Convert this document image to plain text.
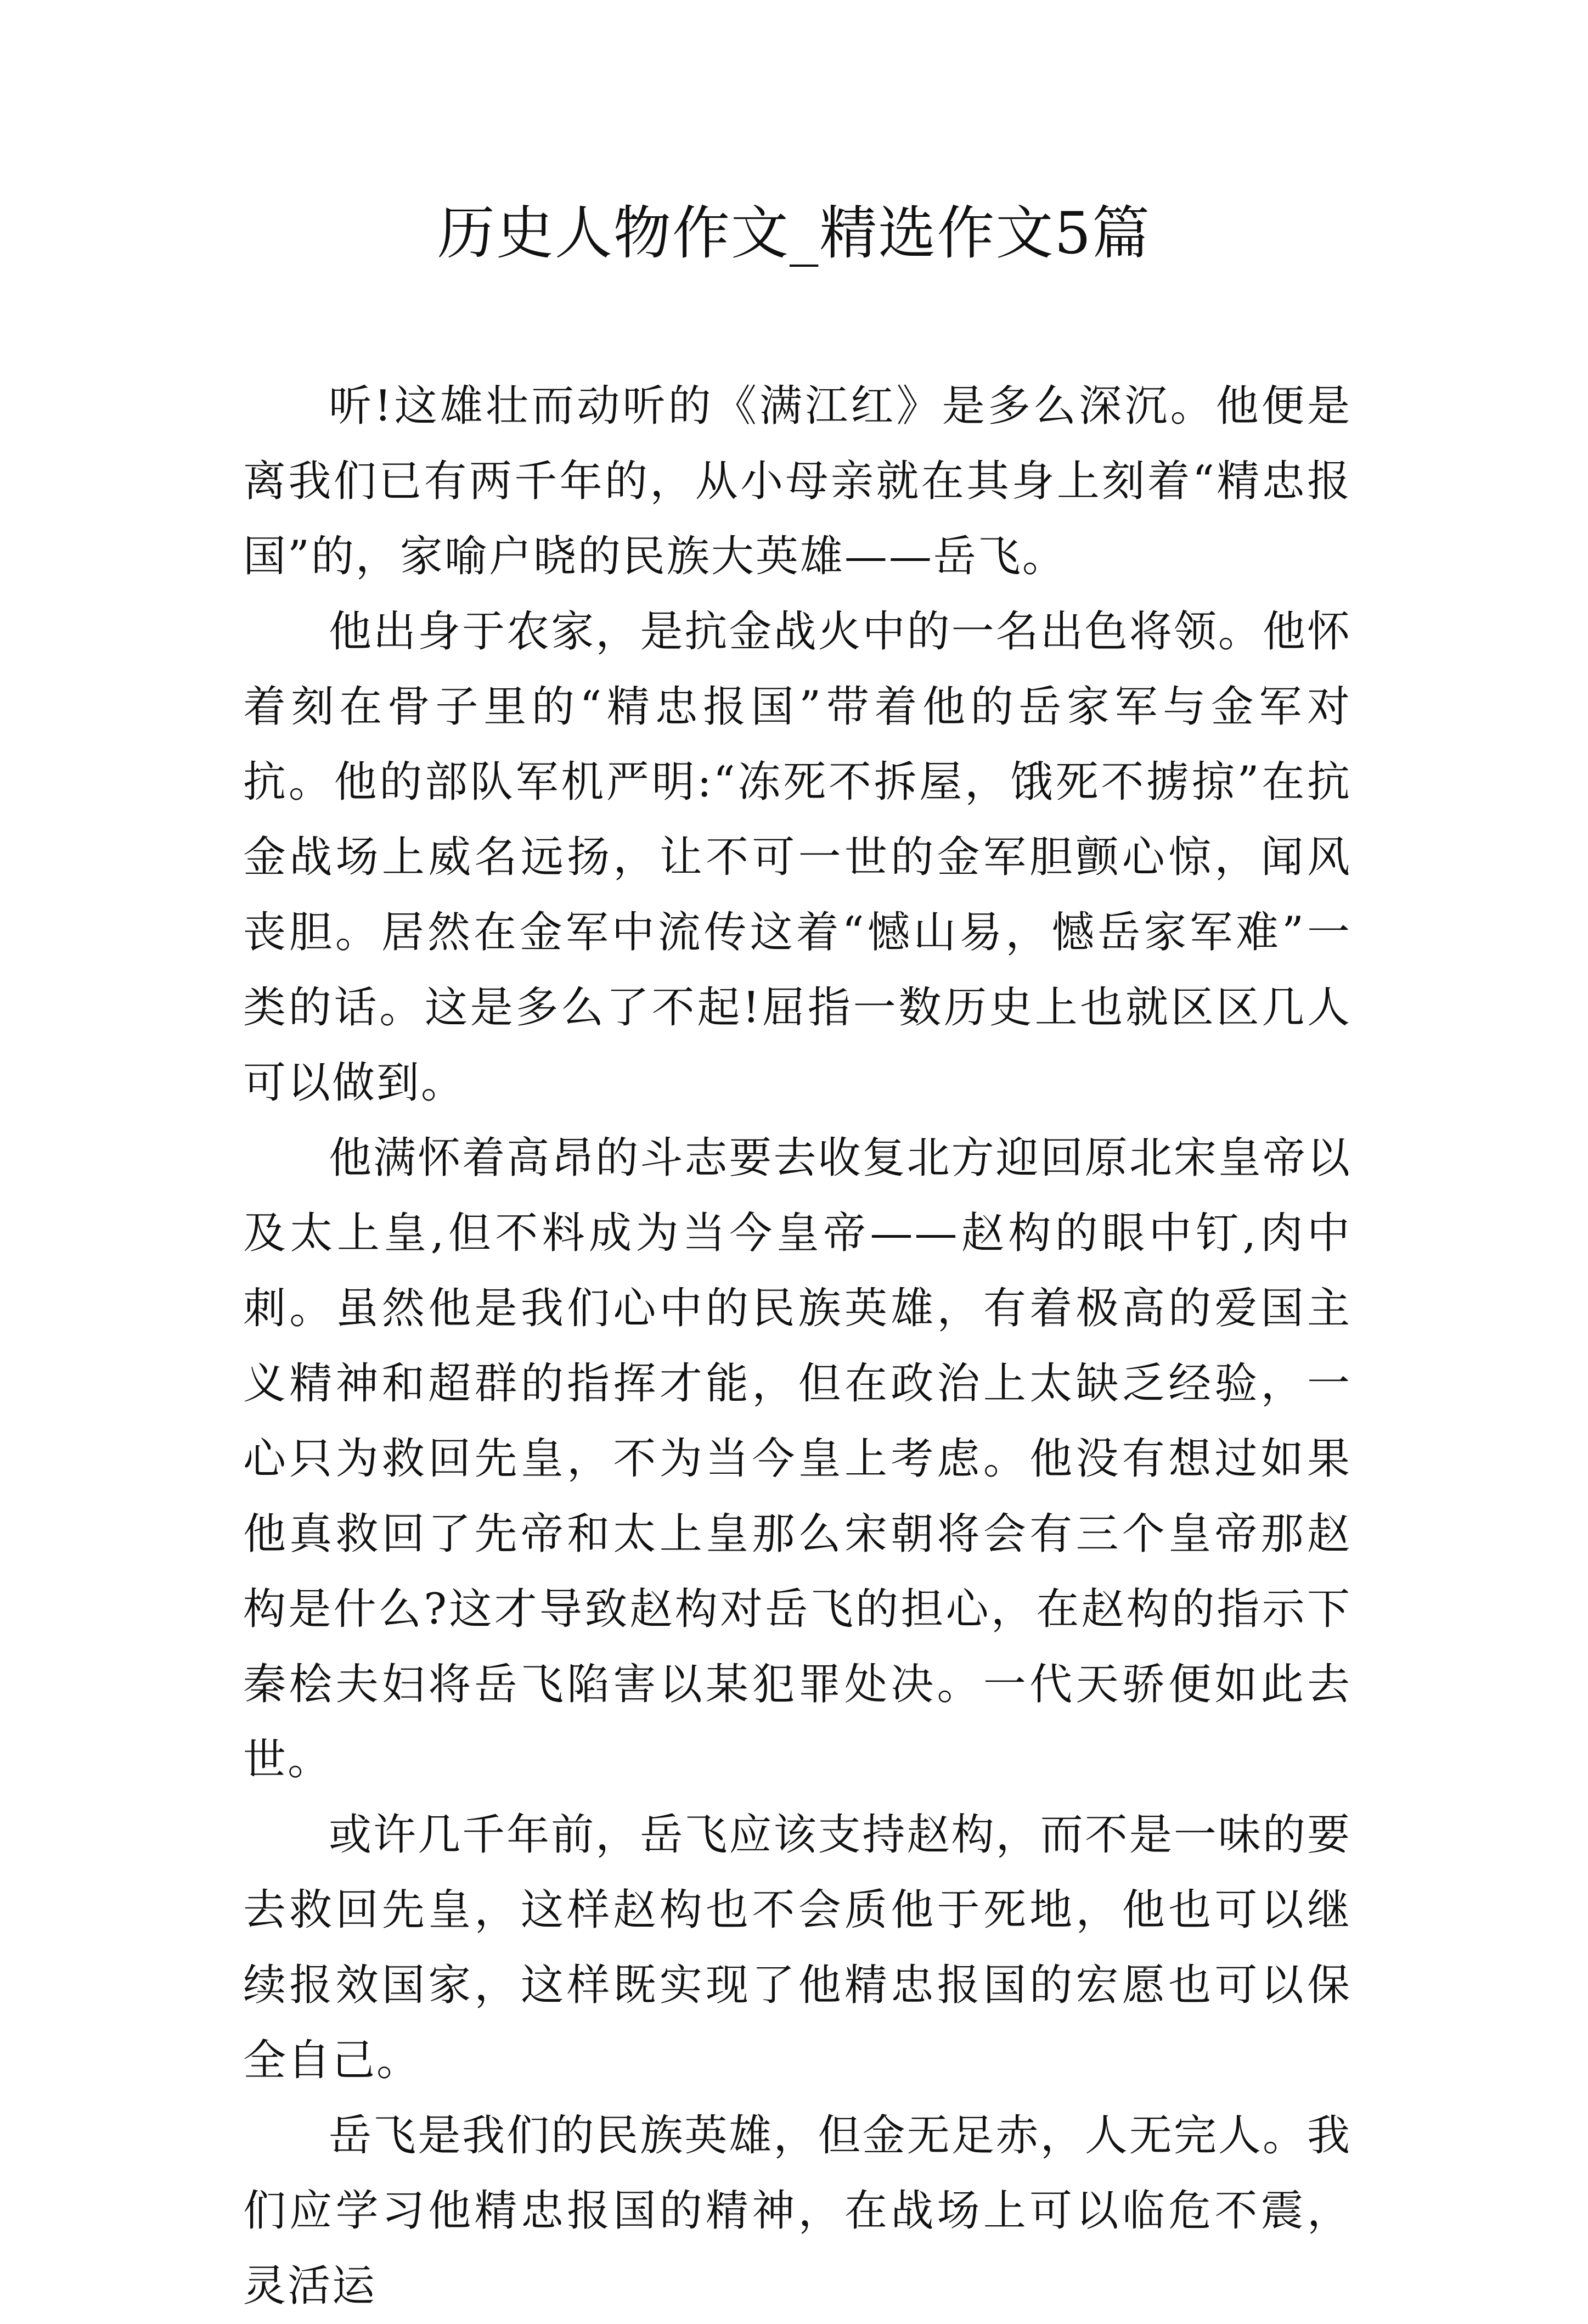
历史人物作文_精选作文5篇

听!这雄壮而动听的《满江红》是多么深沉。他便是离我们已有两千年的，从小母亲就在其身上刻着“精忠报国”的，家喻户晓的民族大英雄——岳飞。

他出身于农家，是抗金战火中的一名出色将领。他怀着刻在骨子里的“精忠报国”带着他的岳家军与金军对抗。他的部队军机严明:“冻死不拆屋，饿死不掳掠”在抗金战场上威名远扬，让不可一世的金军胆颤心惊，闻风丧胆。居然在金军中流传这着“憾山易，憾岳家军难”一类的话。这是多么了不起!屈指一数历史上也就区区几人可以做到。

他满怀着高昂的斗志要去收复北方迎回原北宋皇帝以及太上皇,但不料成为当今皇帝——赵构的眼中钉,肉中刺。虽然他是我们心中的民族英雄，有着极高的爱国主义精神和超群的指挥才能，但在政治上太缺乏经验，一心只为救回先皇，不为当今皇上考虑。他没有想过如果他真救回了先帝和太上皇那么宋朝将会有三个皇帝那赵构是什么?这才导致赵构对岳飞的担心，在赵构的指示下秦桧夫妇将岳飞陷害以某犯罪处决。一代天骄便如此去世。

或许几千年前，岳飞应该支持赵构，而不是一味的要去救回先皇，这样赵构也不会质他于死地，他也可以继续报效国家，这样既实现了他精忠报国的宏愿也可以保全自己。

岳飞是我们的民族英雄，但金无足赤，人无完人。我们应学习他精忠报国的精神，在战场上可以临危不震，灵活运
